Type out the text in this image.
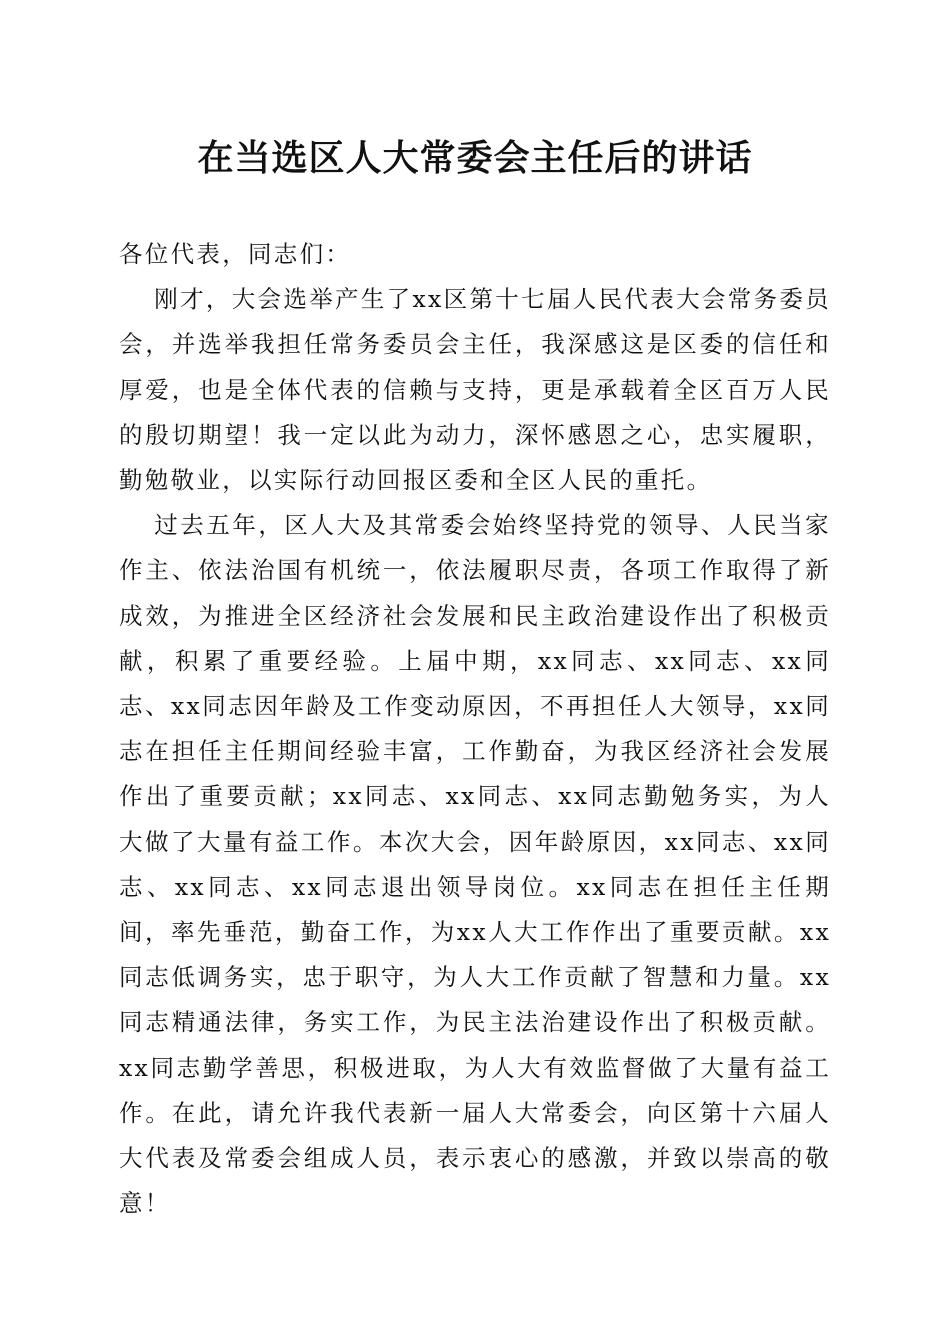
在当选区人大常委会主任后的讲话

各位代表，同志们：

刚才，大会选举产生了xx区第十七届人民代表大会常务委员会，并选举我担任常务委员会主任，我深感这是区委的信任和厚爱，也是全体代表的信赖与支持，更是承载着全区百万人民的殷切期望！我一定以此为动力，深怀感恩之心，忠实履职，勤勉敬业，以实际行动回报区委和全区人民的重托。

过去五年，区人大及其常委会始终坚持党的领导、人民当家作主、依法治国有机统一，依法履职尽责，各项工作取得了新成效，为推进全区经济社会发展和民主政治建设作出了积极贡献，积累了重要经验。上届中期，xx同志、xx同志、xx同志、xx同志因年龄及工作变动原因，不再担任人大领导，xx同志在担任主任期间经验丰富，工作勤奋，为我区经济社会发展作出了重要贡献；xx同志、xx同志、xx同志勤勉务实，为人大做了大量有益工作。本次大会，因年龄原因，xx同志、xx同志、xx同志、xx同志退出领导岗位。xx同志在担任主任期间，率先垂范，勤奋工作，为xx人大工作作出了重要贡献。xx同志低调务实，忠于职守，为人大工作贡献了智慧和力量。xx同志精通法律，务实工作，为民主法治建设作出了积极贡献。xx同志勤学善思，积极进取，为人大有效监督做了大量有益工作。在此，请允许我代表新一届人大常委会，向区第十六届人大代表及常委会组成人员，表示衷心的感激，并致以崇高的敬意！
